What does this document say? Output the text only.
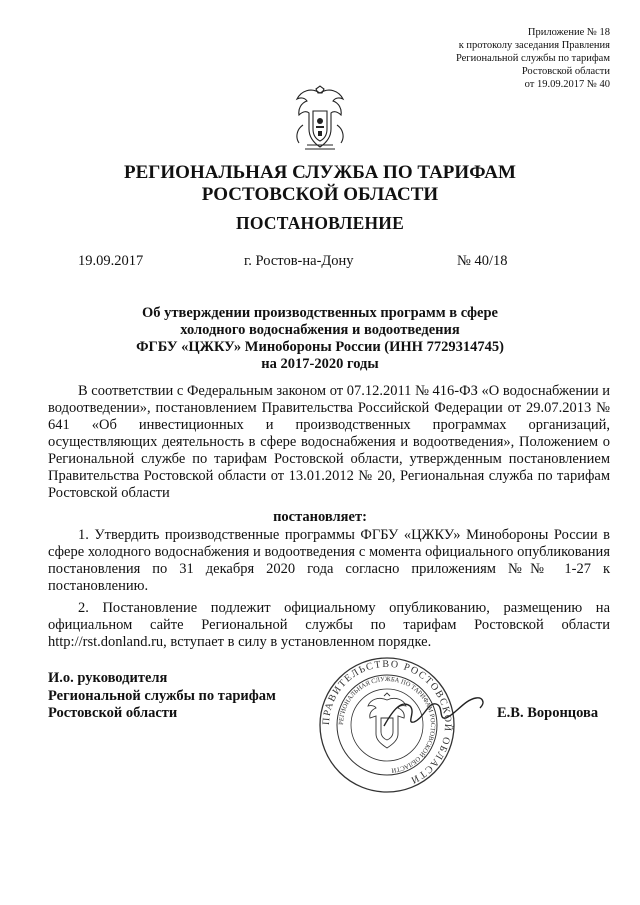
Приложение № 18
к протоколу заседания Правления
Региональной службы по тарифам
Ростовской области
от 19.09.2017 № 40
РЕГИОНАЛЬНАЯ СЛУЖБА ПО ТАРИФАМ
РОСТОВСКОЙ ОБЛАСТИ
ПОСТАНОВЛЕНИЕ
19.09.2017	г. Ростов-на-Дону	№ 40/18
Об утверждении производственных программ в сфере
холодного водоснабжения и водоотведения
ФГБУ «ЦЖКУ» Минобороны России (ИНН 7729314745)
на 2017-2020 годы
В соответствии с Федеральным законом от 07.12.2011 № 416-ФЗ «О водоснабжении и водоотведении», постановлением Правительства Российской Федерации от 29.07.2013 № 641 «Об инвестиционных и производственных программах организаций, осуществляющих деятельность в сфере водоснабжения и водоотведения», Положением о Региональной службе по тарифам Ростовской области, утвержденным постановлением Правительства Ростовской области от 13.01.2012 № 20, Региональная служба по тарифам Ростовской области
постановляет:
1. Утвердить производственные программы ФГБУ «ЦЖКУ» Минобороны России в сфере холодного водоснабжения и водоотведения с момента официального опубликования постановления по 31 декабря 2020 года согласно приложениям №№ 1-27 к постановлению.
2. Постановление подлежит официальному опубликованию, размещению на официальном сайте Региональной службы по тарифам Ростовской области http://rst.donland.ru, вступает в силу в установленном порядке.
И.о. руководителя
Региональной службы по тарифам
Ростовской области	ПРАВИТЕЛЬСТВО РОСТОВСКОЙ ОБЛАСТИ
РЕГИОНАЛЬНАЯ СЛУЖБА ПО ТАРИФАМ РОСТОВСКОЙ ОБЛАСТИ
Е.В. Воронцова
